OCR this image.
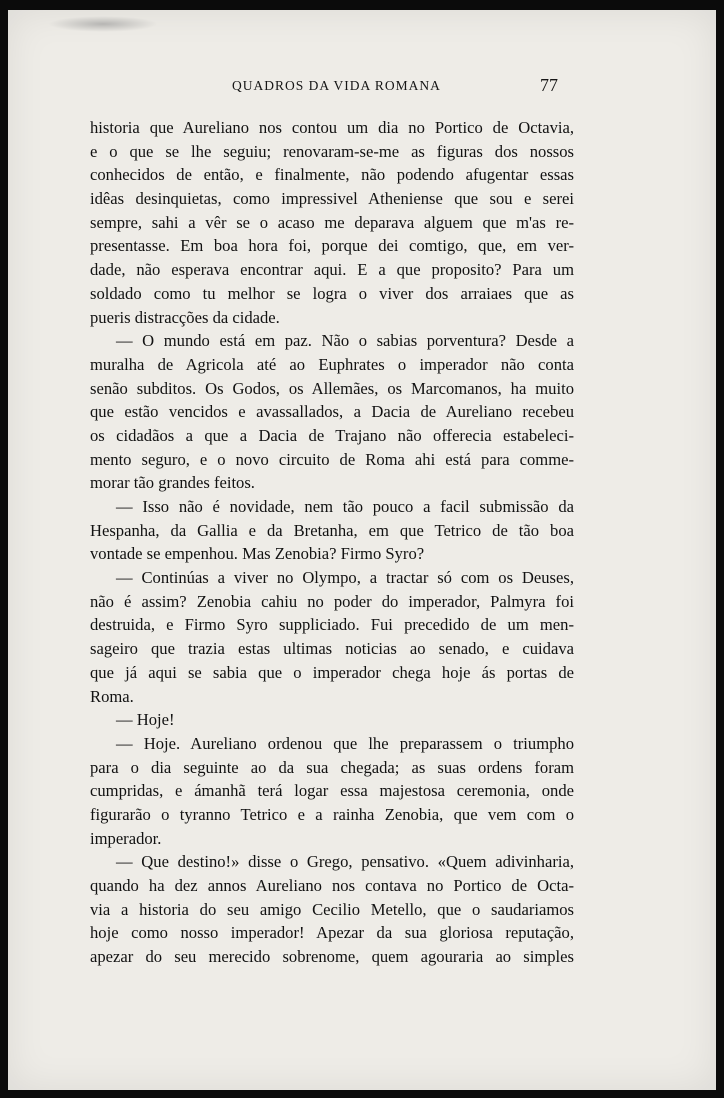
QUADROS DA VIDA ROMANA	77
historia que Aureliano nos contou um dia no Portico de Octavia,
e o que se lhe seguiu; renovaram-se-me as figuras dos nossos
conhecidos de então, e finalmente, não podendo afugentar essas
idêas desinquietas, como impressivel Atheniense que sou e serei
sempre, sahi a vêr se o acaso me deparava alguem que m'as re-
presentasse. Em boa hora foi, porque dei comtigo, que, em ver-
dade, não esperava encontrar aqui. E a que proposito? Para um
soldado como tu melhor se logra o viver dos arraiaes que as
pueris distracções da cidade.
— O mundo está em paz. Não o sabias porventura? Desde a
muralha de Agricola até ao Euphrates o imperador não conta
senão subditos. Os Godos, os Allemães, os Marcomanos, ha muito
que estão vencidos e avassallados, a Dacia de Aureliano recebeu
os cidadãos a que a Dacia de Trajano não offerecia estabeleci-
mento seguro, e o novo circuito de Roma ahi está para comme-
morar tão grandes feitos.
— Isso não é novidade, nem tão pouco a facil submissão da
Hespanha, da Gallia e da Bretanha, em que Tetrico de tão boa
vontade se empenhou. Mas Zenobia? Firmo Syro?
— Continúas a viver no Olympo, a tractar só com os Deuses,
não é assim? Zenobia cahiu no poder do imperador, Palmyra foi
destruida, e Firmo Syro suppliciado. Fui precedido de um men-
sageiro que trazia estas ultimas noticias ao senado, e cuidava
que já aqui se sabia que o imperador chega hoje ás portas de
Roma.
— Hoje!
— Hoje. Aureliano ordenou que lhe preparassem o triumpho
para o dia seguinte ao da sua chegada; as suas ordens foram
cumpridas, e ámanhã terá logar essa majestosa ceremonia, onde
figurarão o tyranno Tetrico e a rainha Zenobia, que vem com o
imperador.
— Que destino!» disse o Grego, pensativo. «Quem adivinharia,
quando ha dez annos Aureliano nos contava no Portico de Octa-
via a historia do seu amigo Cecilio Metello, que o saudariamos
hoje como nosso imperador! Apezar da sua gloriosa reputação,
apezar do seu merecido sobrenome, quem agouraria ao simples
